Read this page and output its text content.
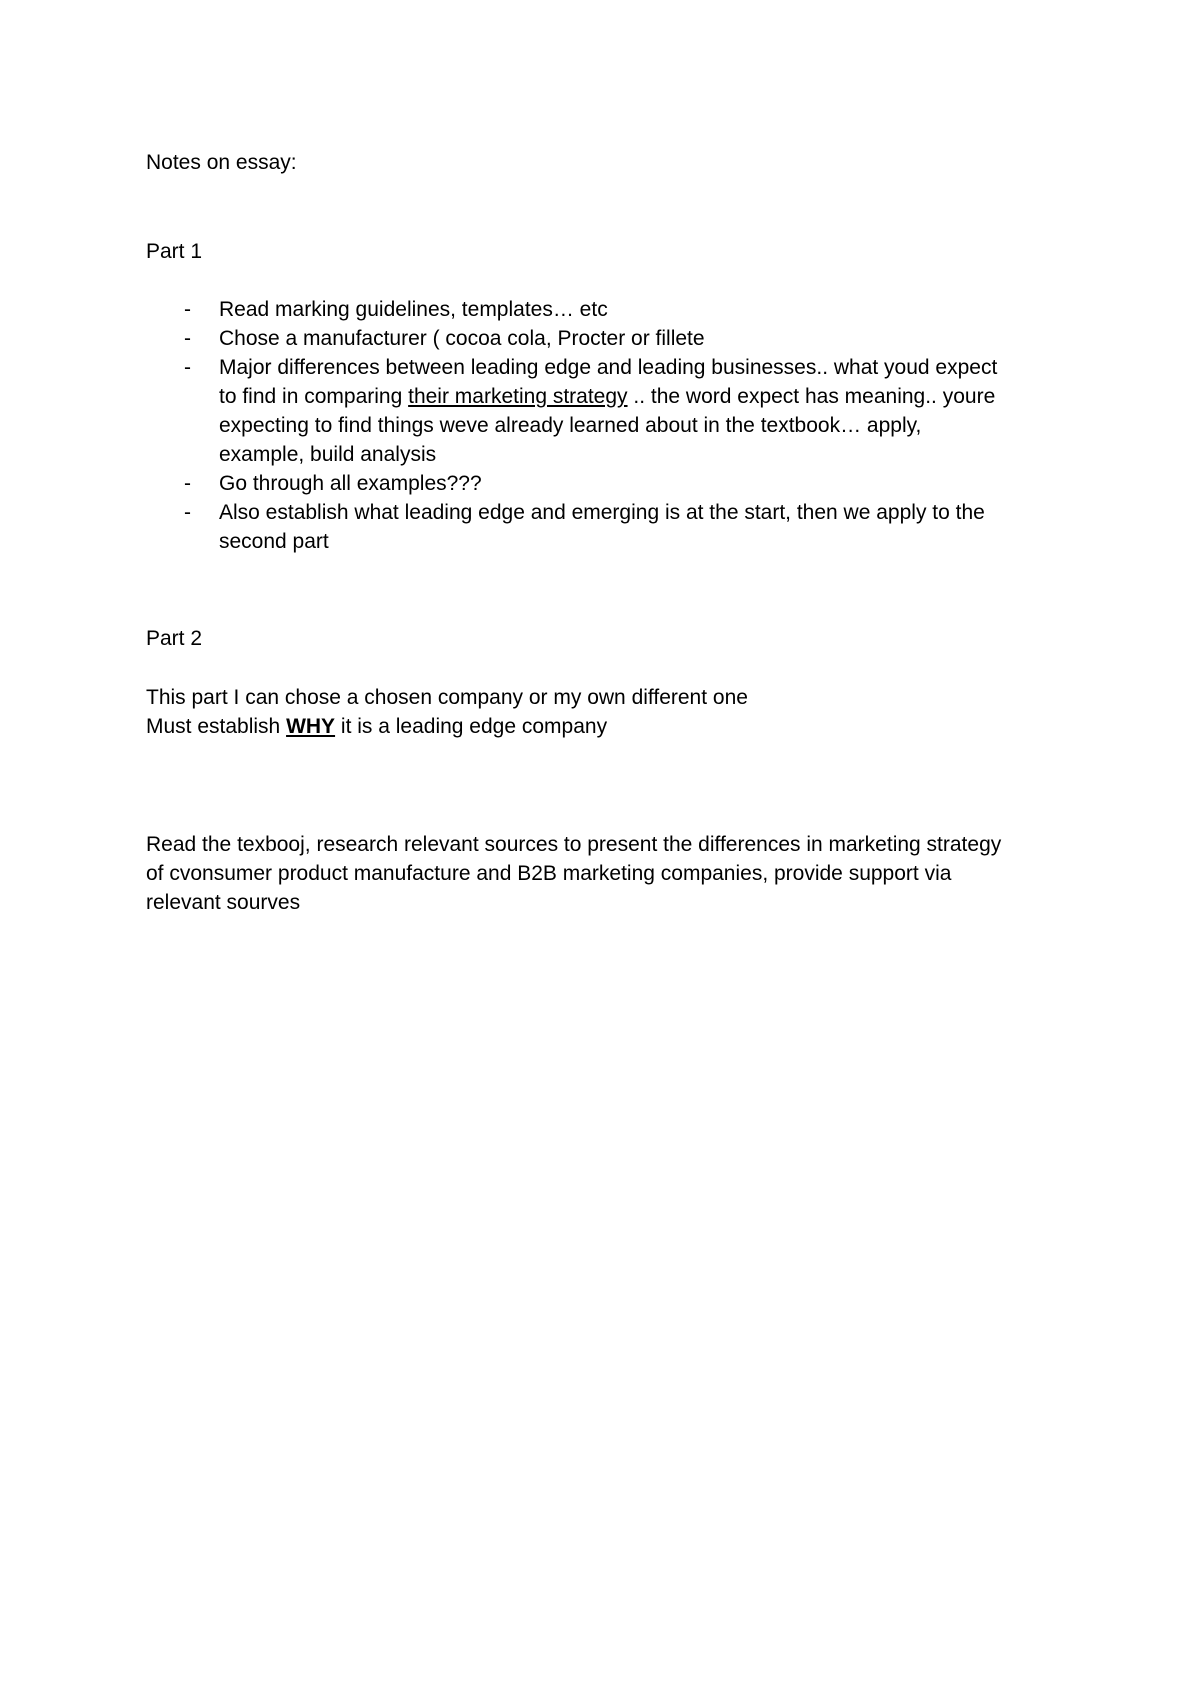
Notes on essay:
Part 1
- Read marking guidelines, templates… etc
- Chose a manufacturer ( cocoa cola, Procter or fillete
- Major differences between leading edge and leading businesses.. what youd expect
to find in comparing their marketing strategy .. the word expect has meaning.. youre
expecting to find things weve already learned about in the textbook… apply,
example, build analysis
- Go through all examples???
- Also establish what leading edge and emerging is at the start, then we apply to the
second part
Part 2
This part I can chose a chosen company or my own different one
Must establish WHY it is a leading edge company
Read the texbooj, research relevant sources to present the differences in marketing strategy
of cvonsumer product manufacture and B2B marketing companies, provide support via
relevant sourves
